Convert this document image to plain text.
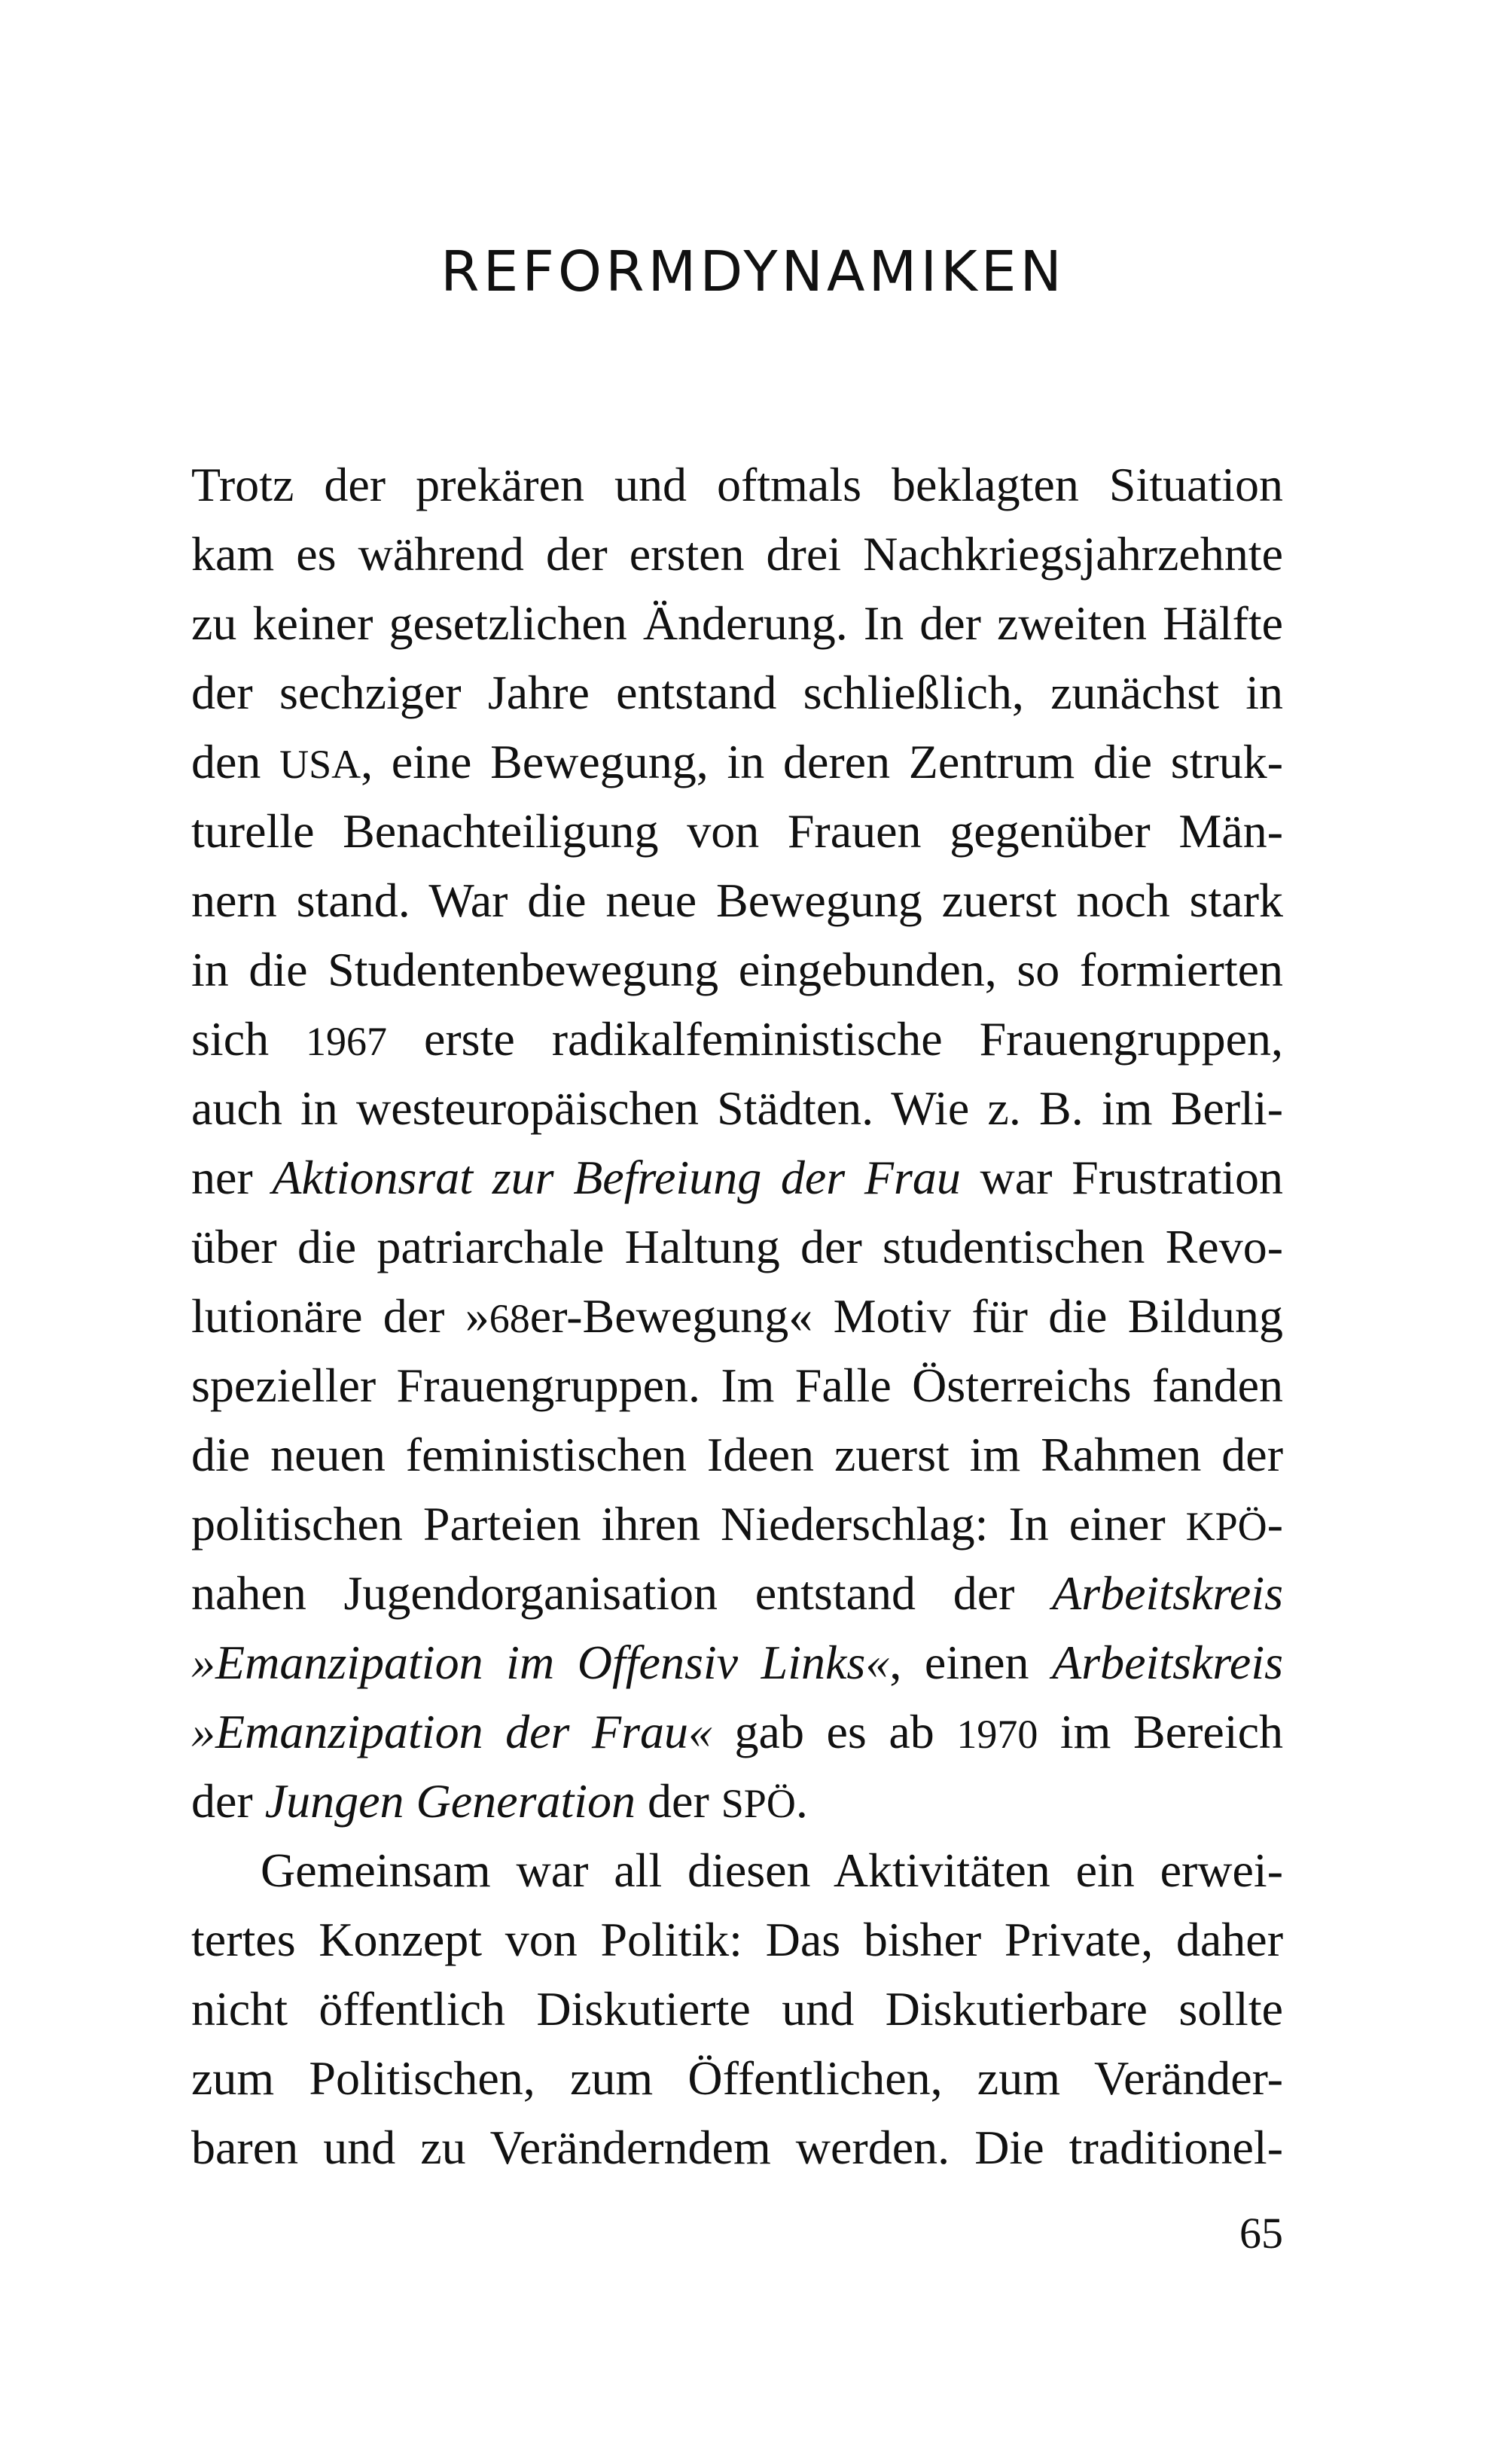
REFORMDYNAMIKEN
Trotz der prekären und oftmals beklagten Situation
kam es während der ersten drei Nachkriegsjahrzehnte
zu keiner gesetzlichen Änderung. In der zweiten Hälfte
der sechziger Jahre entstand schließlich, zunächst in
den USA, eine Bewegung, in deren Zentrum die struk-
turelle Benachteiligung von Frauen gegenüber Män-
nern stand. War die neue Bewegung zuerst noch stark
in die Studentenbewegung eingebunden, so formierten
sich 1967 erste radikalfeministische Frauengruppen,
auch in westeuropäischen Städten. Wie z. B. im Berli-
ner Aktionsrat zur Befreiung der Frau war Frustration
über die patriarchale Haltung der studentischen Revo-
lutionäre der »68er-Bewegung« Motiv für die Bildung
spezieller Frauengruppen. Im Falle Österreichs fanden
die neuen feministischen Ideen zuerst im Rahmen der
politischen Parteien ihren Niederschlag: In einer KPÖ-
nahen Jugendorganisation entstand der Arbeitskreis
»Emanzipation im Offensiv Links«, einen Arbeitskreis
»Emanzipation der Frau« gab es ab 1970 im Bereich
der Jungen Generation der SPÖ.
Gemeinsam war all diesen Aktivitäten ein erwei-
tertes Konzept von Politik: Das bisher Private, daher
nicht öffentlich Diskutierte und Diskutierbare sollte
zum Politischen, zum Öffentlichen, zum Veränder-
baren und zu Veränderndem werden. Die traditionel-
65
